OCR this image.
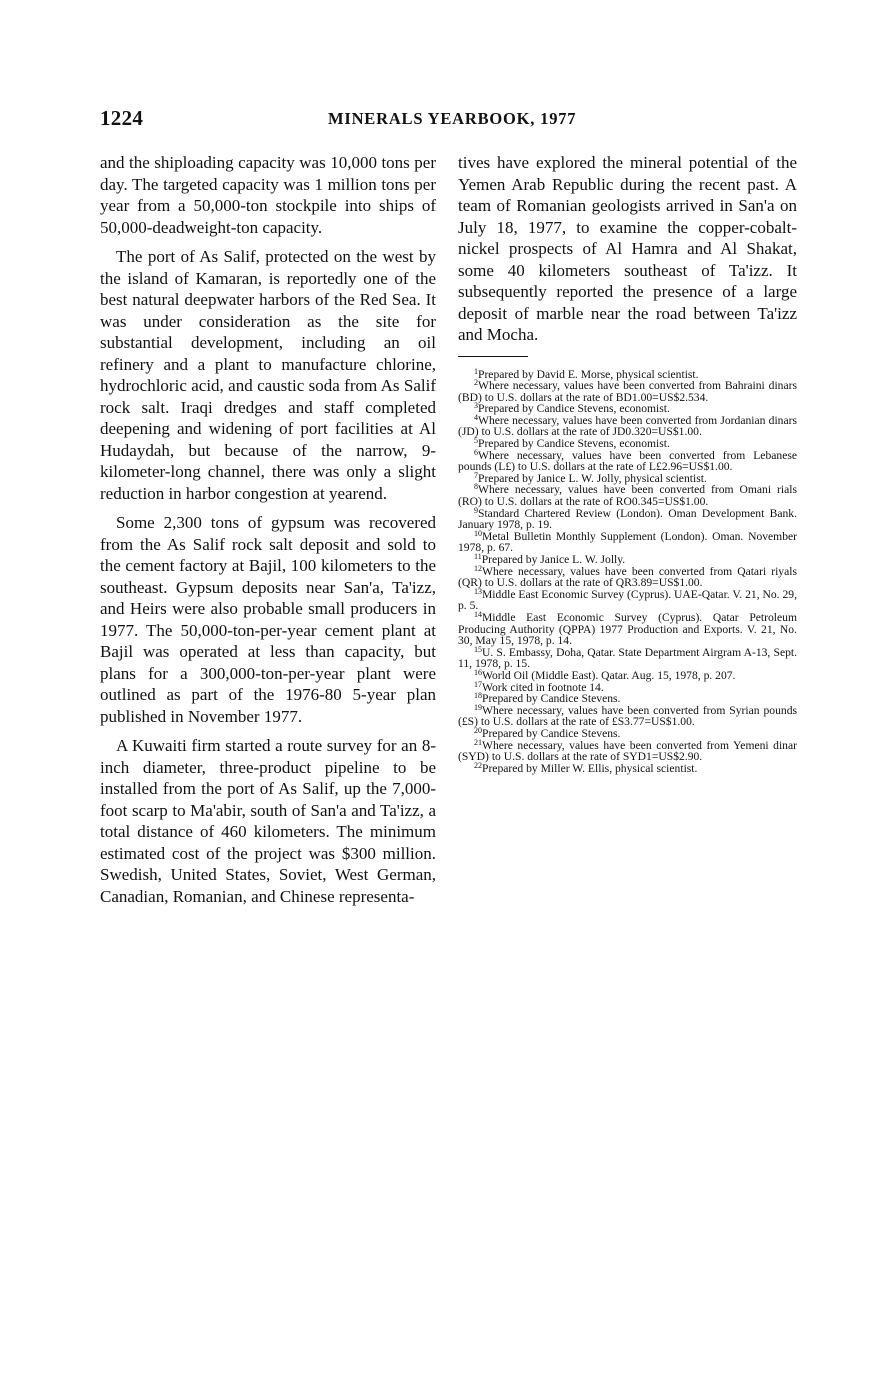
1224	MINERALS YEARBOOK, 1977

and the shiploading capacity was 10,000 tons per day. The targeted capacity was 1 million tons per year from a 50,000-ton stockpile into ships of 50,000-deadweight-ton capacity.

The port of As Salif, protected on the west by the island of Kamaran, is reportedly one of the best natural deepwater harbors of the Red Sea. It was under consideration as the site for substantial development, including an oil refinery and a plant to manufacture chlorine, hydrochloric acid, and caustic soda from As Salif rock salt. Iraqi dredges and staff completed deepening and widening of port facilities at Al Hudaydah, but because of the narrow, 9-kilometer-long channel, there was only a slight reduction in harbor congestion at yearend.

Some 2,300 tons of gypsum was recovered from the As Salif rock salt deposit and sold to the cement factory at Bajil, 100 kilometers to the southeast. Gypsum deposits near San'a, Ta'izz, and Heirs were also probable small producers in 1977. The 50,000-ton-per-year cement plant at Bajil was operated at less than capacity, but plans for a 300,000-ton-per-year plant were outlined as part of the 1976-80 5-year plan published in November 1977.

A Kuwaiti firm started a route survey for an 8-inch diameter, three-product pipeline to be installed from the port of As Salif, up the 7,000-foot scarp to Ma'abir, south of San'a and Ta'izz, a total distance of 460 kilometers. The minimum estimated cost of the project was $300 million. Swedish, United States, Soviet, West German, Canadian, Romanian, and Chinese representa-

tives have explored the mineral potential of the Yemen Arab Republic during the recent past. A team of Romanian geologists arrived in San'a on July 18, 1977, to examine the copper-cobalt-nickel prospects of Al Hamra and Al Shakat, some 40 kilometers southeast of Ta'izz. It subsequently reported the presence of a large deposit of marble near the road between Ta'izz and Mocha.

$^1$Prepared by David E. Morse, physical scientist.

$^2$Where necessary, values have been converted from Bahraini dinars (BD) to U.S. dollars at the rate of BD1.00=US$2.534.

$^3$Prepared by Candice Stevens, economist.

$^4$Where necessary, values have been converted from Jordanian dinars (JD) to U.S. dollars at the rate of JD0.320=US$1.00.

$^5$Prepared by Candice Stevens, economist.

$^6$Where necessary, values have been converted from Lebanese pounds (L£) to U.S. dollars at the rate of L£2.96=US$1.00.

$^7$Prepared by Janice L. W. Jolly, physical scientist.

$^8$Where necessary, values have been converted from Omani rials (RO) to U.S. dollars at the rate of RO0.345=US$1.00.

$^9$Standard Chartered Review (London). Oman Development Bank. January 1978, p. 19.

$^{10}$Metal Bulletin Monthly Supplement (London). Oman. November 1978, p. 67.

$^{11}$Prepared by Janice L. W. Jolly.

$^{12}$Where necessary, values have been converted from Qatari riyals (QR) to U.S. dollars at the rate of QR3.89=US$1.00.

$^{13}$Middle East Economic Survey (Cyprus). UAE-Qatar. V. 21, No. 29, p. 5.

$^{14}$Middle East Economic Survey (Cyprus). Qatar Petroleum Producing Authority (QPPA) 1977 Production and Exports. V. 21, No. 30, May 15, 1978, p. 14.

$^{15}$U. S. Embassy, Doha, Qatar. State Department Airgram A-13, Sept. 11, 1978, p. 15.

$^{16}$World Oil (Middle East). Qatar. Aug. 15, 1978, p. 207.

$^{17}$Work cited in footnote 14.

$^{18}$Prepared by Candice Stevens.

$^{19}$Where necessary, values have been converted from Syrian pounds (£S) to U.S. dollars at the rate of £S3.77=US$1.00.

$^{20}$Prepared by Candice Stevens.

$^{21}$Where necessary, values have been converted from Yemeni dinar (SYD) to U.S. dollars at the rate of SYD1=US$2.90.

$^{22}$Prepared by Miller W. Ellis, physical scientist.
